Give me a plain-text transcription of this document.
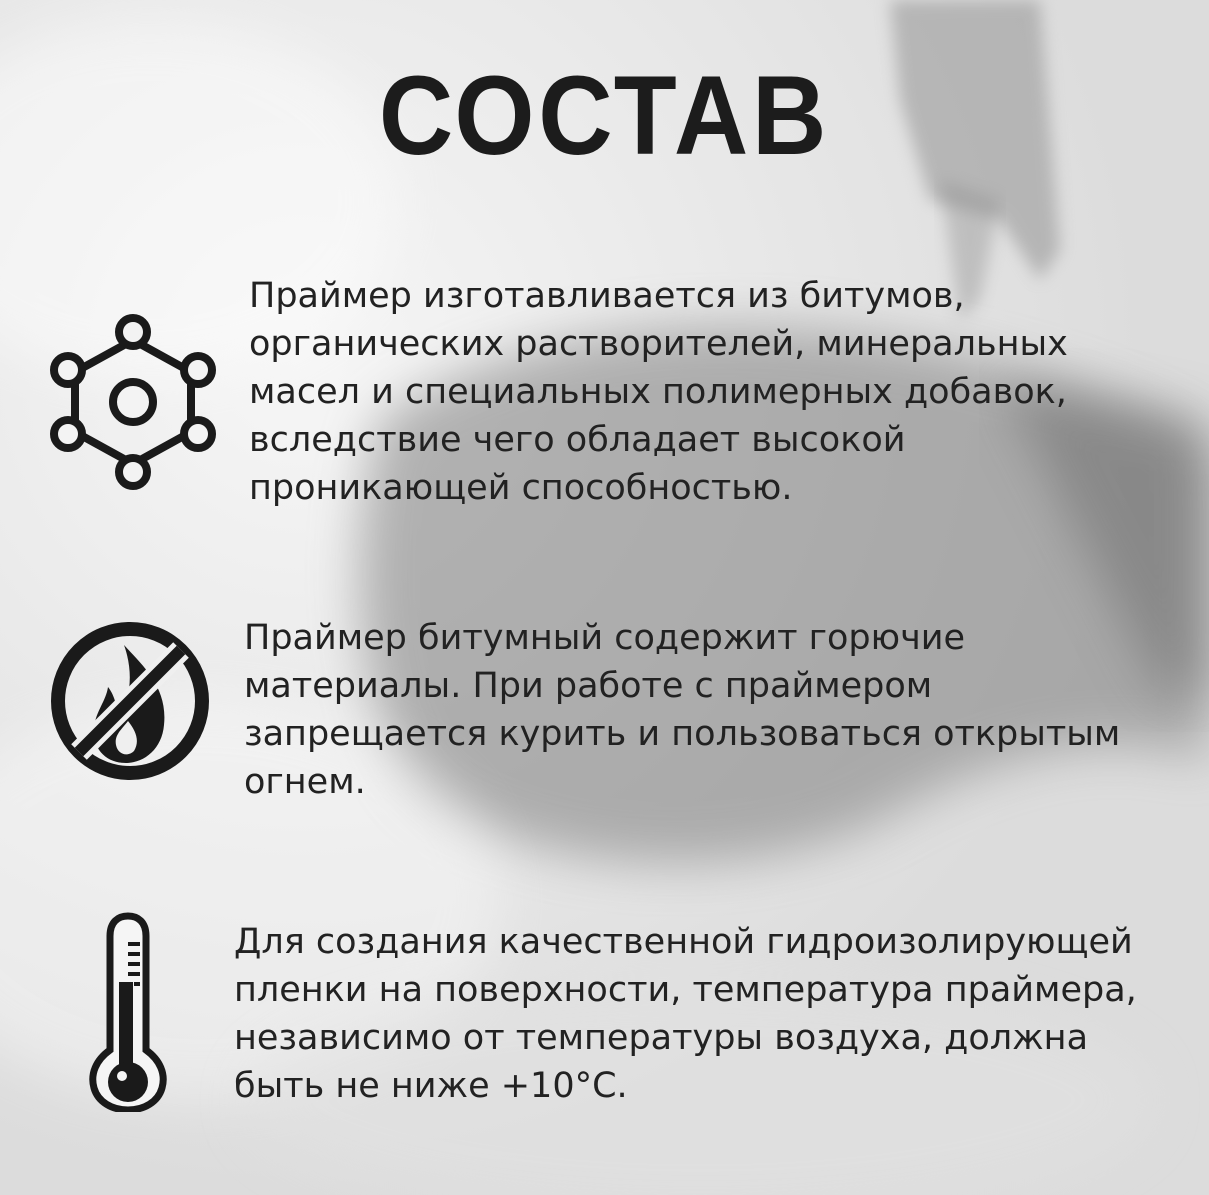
СОСТАВ
Праймер изготавливается из битумов,
органических растворителей, минеральных
масел и специальных полимерных добавок,
вследствие чего обладает высокой
проникающей способностью.
Праймер битумный содержит горючие
материалы. При работе с праймером
запрещается курить и пользоваться открытым
огнем.
Для создания качественной гидроизолирующей
пленки на поверхности, температура праймера,
независимо от температуры воздуха, должна
быть не ниже +10°С.
